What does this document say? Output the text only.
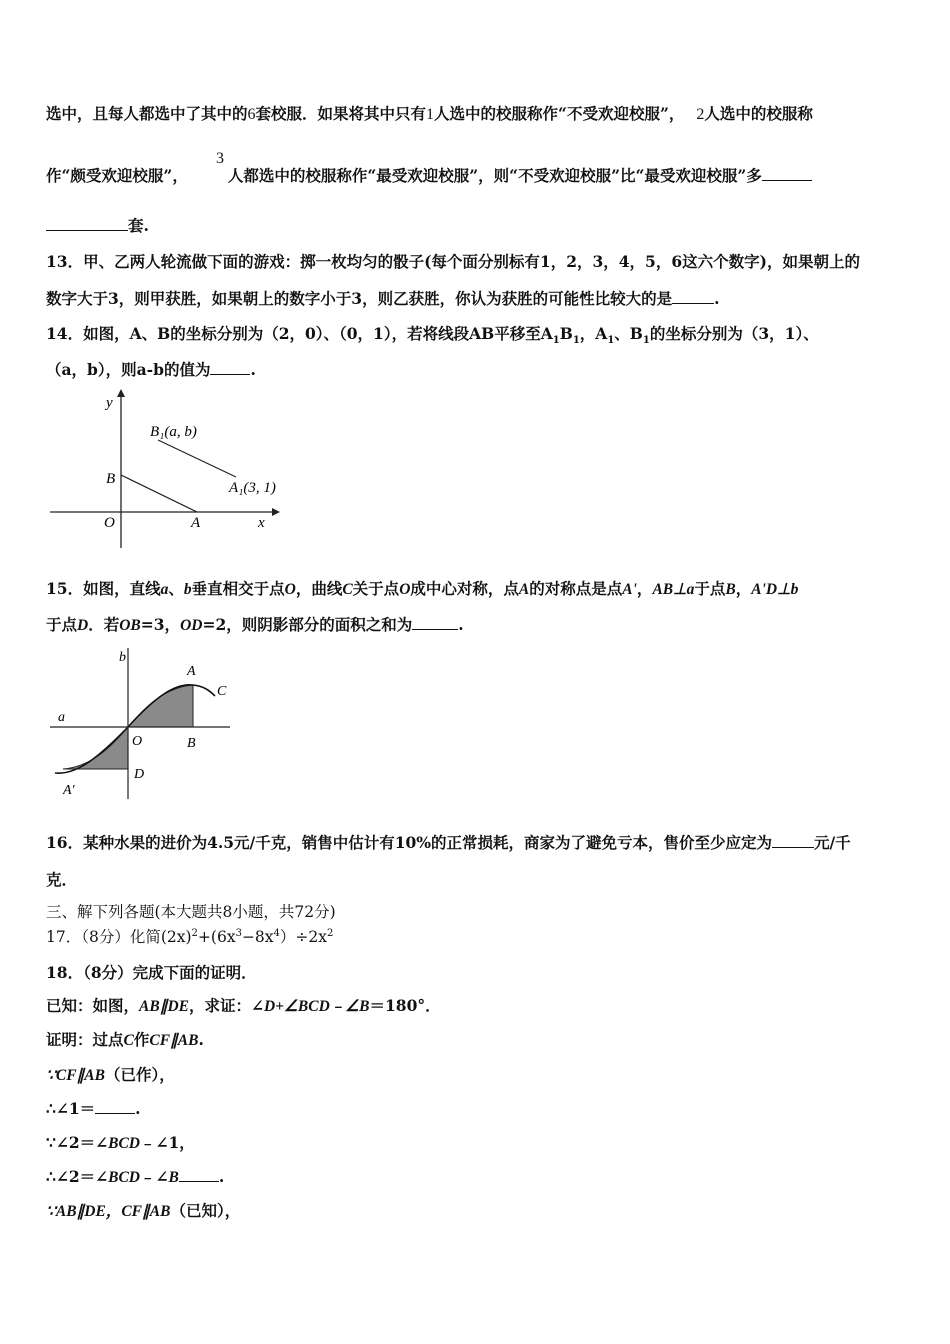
选中，且每人都选中了其中的6套校服．如果将其中只有1人选中的校服称作“不受欢迎校服”， 2人选中的校服称
3
作“颇受欢迎校服”，	人都选中的校服称作“最受欢迎校服”，则“不受欢迎校服”比“最受欢迎校服”多
套.
13．甲、乙两人轮流做下面的游戏：掷一枚均匀的骰子(每个面分别标有1，2，3，4，5，6这六个数字)，如果朝上的
数字大于3，则甲获胜，如果朝上的数字小于3，则乙获胜，你认为获胜的可能性比较大的是	.
14．如图，A、B的坐标分别为（2，0）、（0，1），若将线段AB平移至$A_1B_1$，$A_1$、$B_1$的坐标分别为（3，1）、
（a，b），则a-b的值为	.
y
x
O
B
A
B₁(a, b)
A₁(3, 1)
15．如图，直线a、b垂直相交于点O，曲线C关于点O成中心对称，点A的对称点是点A'，AB⊥a于点B，A'D⊥b
于点D．若OB=3，OD=2，则阴影部分的面积之和为	.
b
a
O
A
B
C
D
A′
16．某种水果的进价为4.5元/千克，销售中估计有10%的正常损耗，商家为了避免亏本，售价至少应定为	元/千
克．
三、解下列各题(本大题共8小题，共72分)
17．（8分）化简$(2x)^2+(6x^3-8x^4)\div 2x^2$
18．（8分）完成下面的证明．
已知：如图，AB∥DE，求证：∠D+∠BCD﹣∠B＝180°．
证明：过点C作CF∥AB.
∵CF∥AB（已作），
∴∠1＝	.
∵∠2＝∠BCD﹣∠1，
∴∠2＝∠BCD﹣∠B	.
∵AB∥DE，CF∥AB（已知），
